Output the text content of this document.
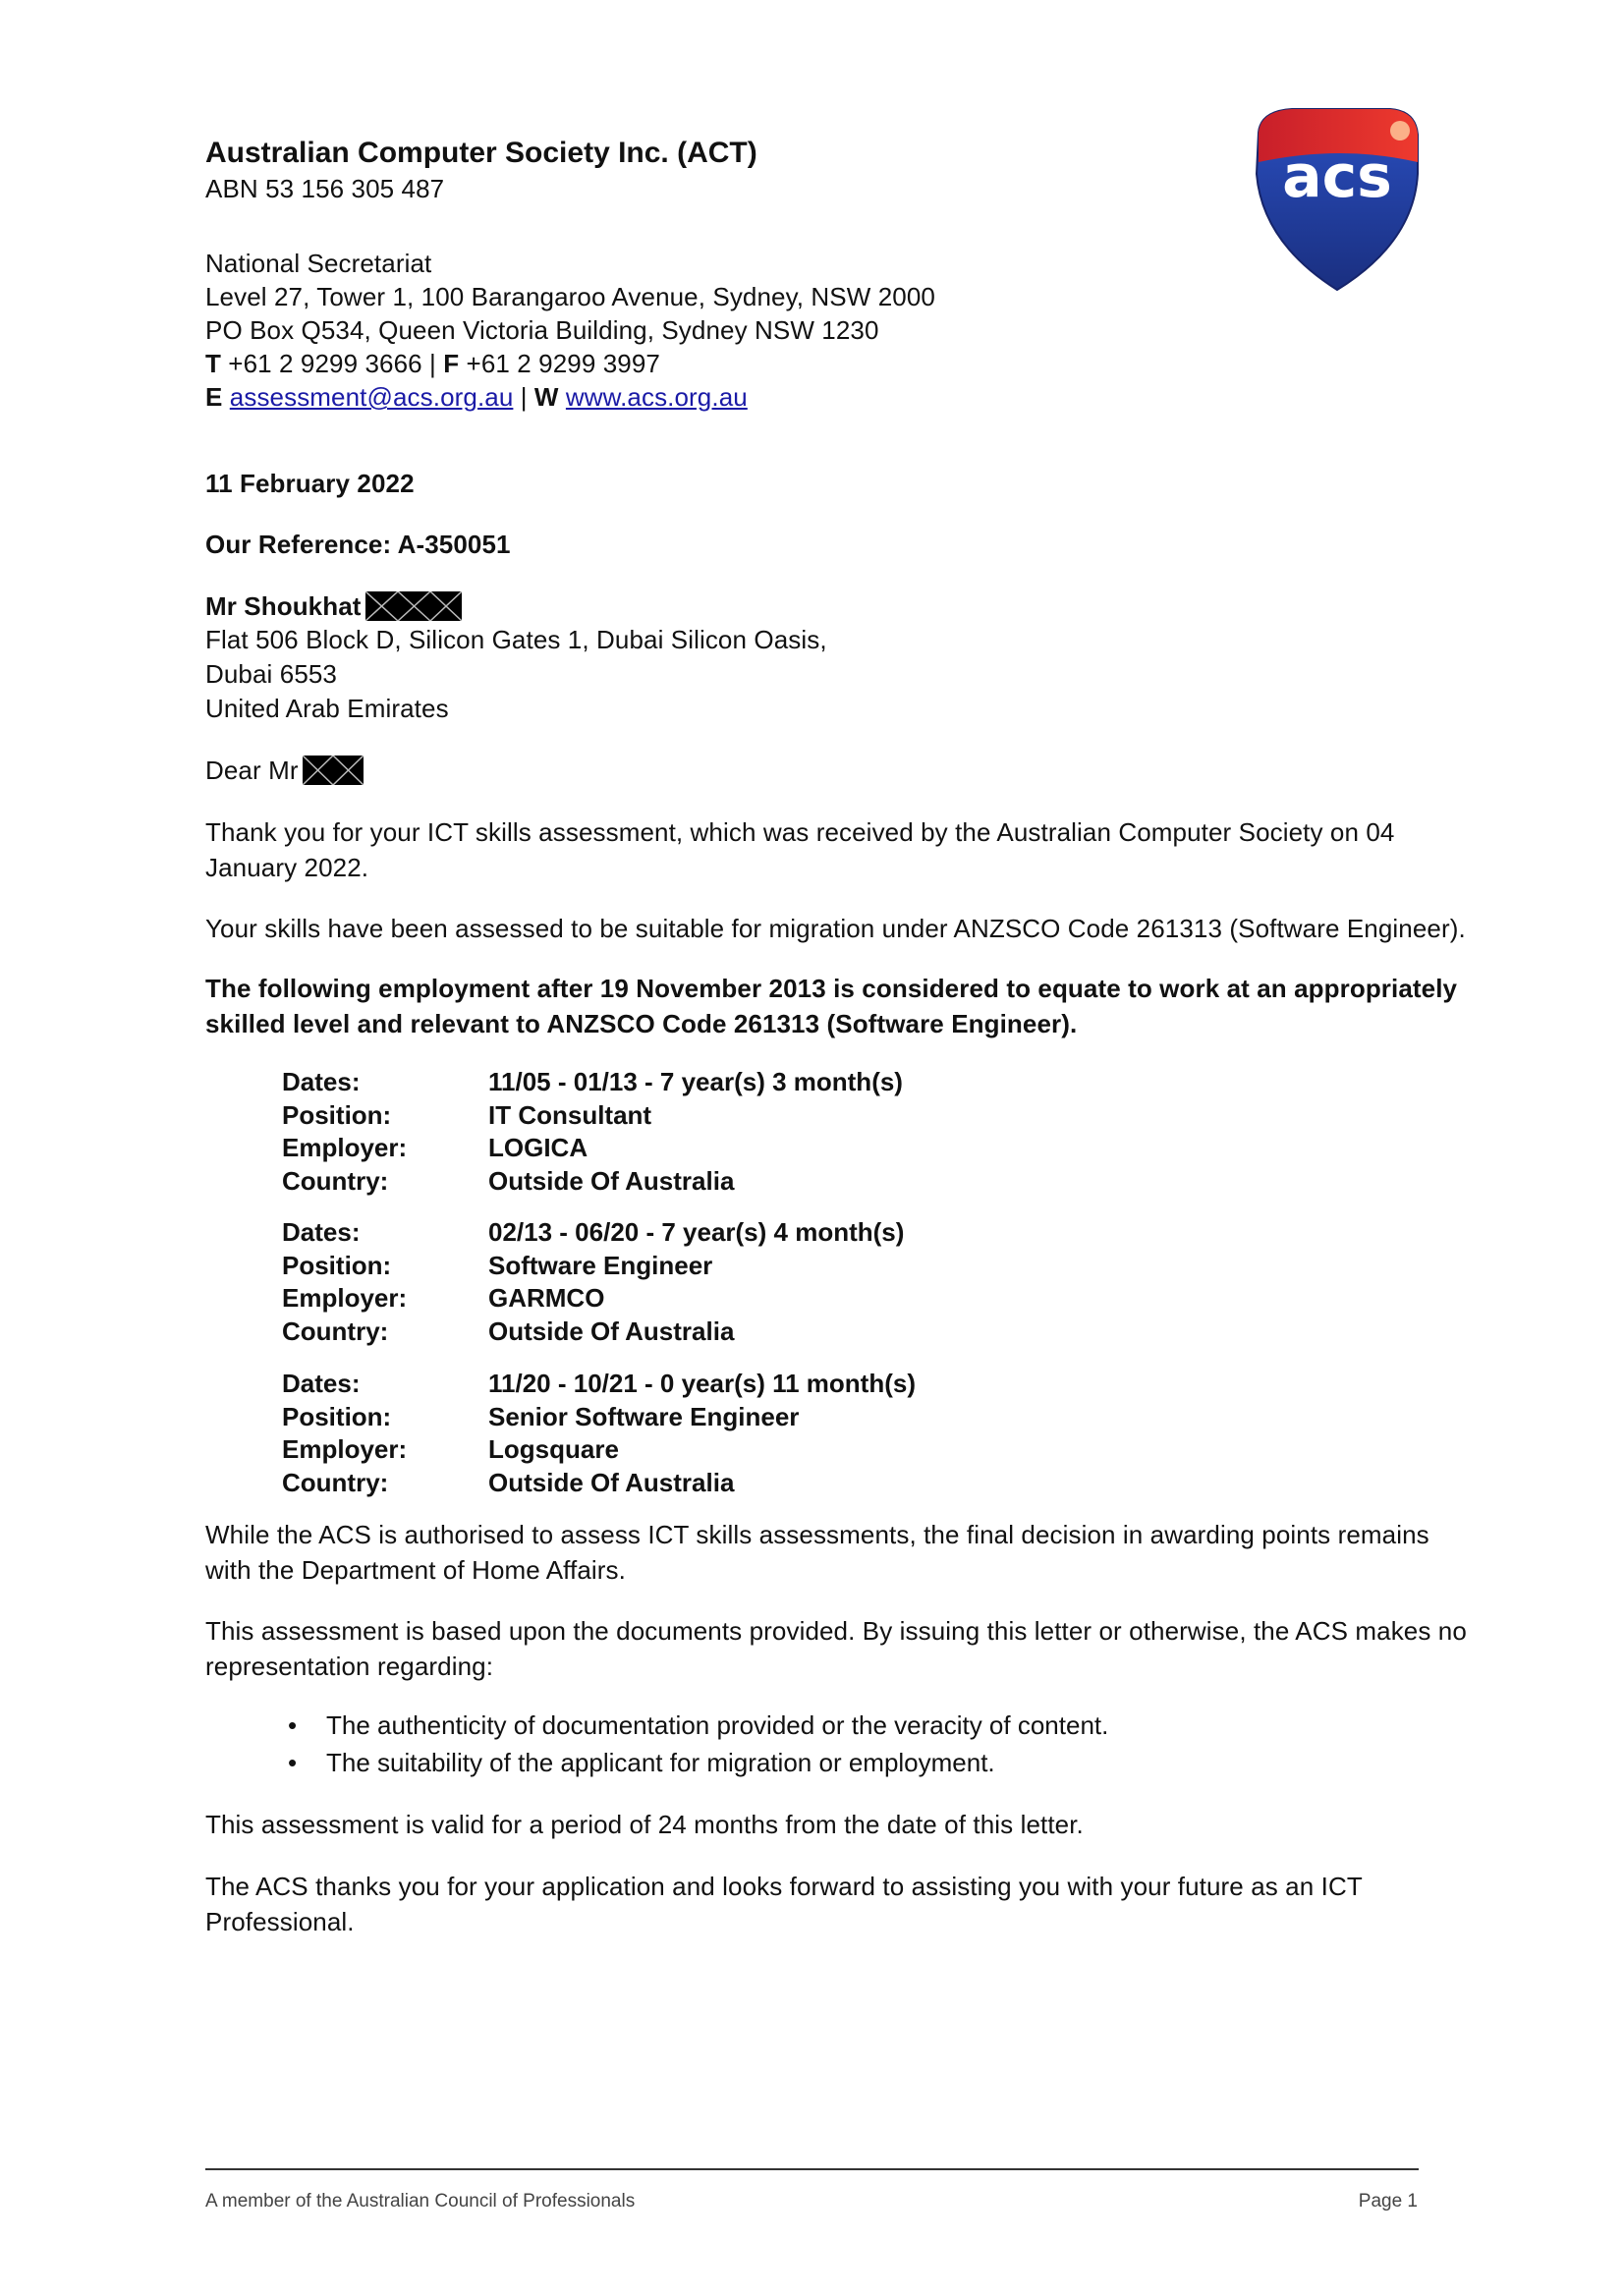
Australian Computer Society Inc. (ACT)
ABN 53 156 305 487
National Secretariat
Level 27, Tower 1, 100 Barangaroo Avenue, Sydney, NSW 2000
PO Box Q534, Queen Victoria Building, Sydney NSW 1230
T +61 2 9299 3666 | F +61 2 9299 3997
E assessment@acs.org.au | W www.acs.org.au
acs
11 February 2022
Our Reference: A-350051
Mr Shoukhat
Flat 506 Block D, Silicon Gates 1, Dubai Silicon Oasis,
Dubai 6553
United Arab Emirates
Dear Mr
Thank you for your ICT skills assessment, which was received by the Australian Computer Society on 04
January 2022.
Your skills have been assessed to be suitable for migration under ANZSCO Code 261313 (Software Engineer).
The following employment after 19 November 2013 is considered to equate to work at an appropriately
skilled level and relevant to ANZSCO Code 261313 (Software Engineer).
Dates:	11/05 - 01/13 - 7 year(s) 3 month(s)
Position:	IT Consultant
Employer:	LOGICA
Country:	Outside Of Australia
Dates:	02/13 - 06/20 - 7 year(s) 4 month(s)
Position:	Software Engineer
Employer:	GARMCO
Country:	Outside Of Australia
Dates:	11/20 - 10/21 - 0 year(s) 11 month(s)
Position:	Senior Software Engineer
Employer:	Logsquare
Country:	Outside Of Australia
While the ACS is authorised to assess ICT skills assessments, the final decision in awarding points remains
with the Department of Home Affairs.
This assessment is based upon the documents provided. By issuing this letter or otherwise, the ACS makes no
representation regarding:
• The authenticity of documentation provided or the veracity of content.
• The suitability of the applicant for migration or employment.
This assessment is valid for a period of 24 months from the date of this letter.
The ACS thanks you for your application and looks forward to assisting you with your future as an ICT
Professional.
A member of the Australian Council of Professionals	Page 1
